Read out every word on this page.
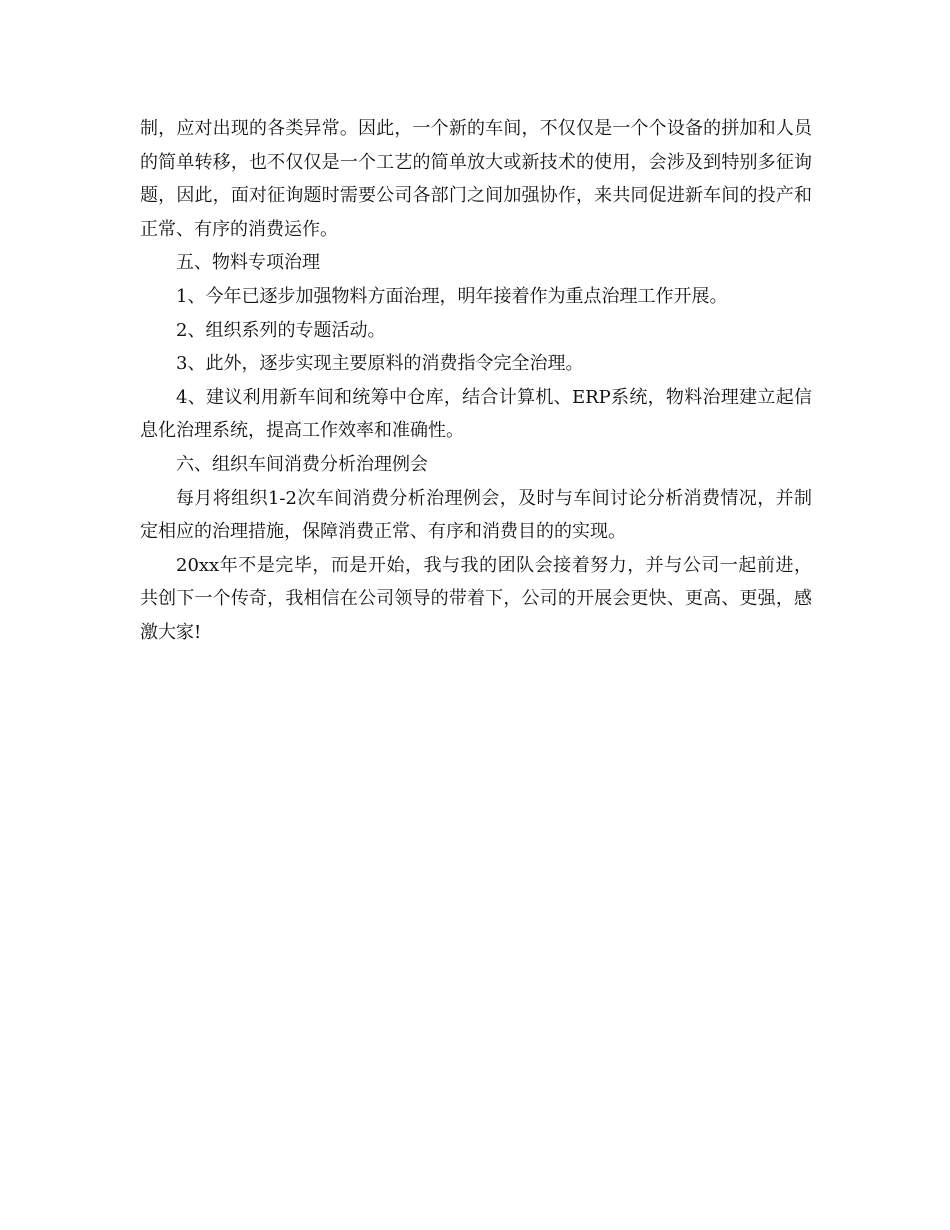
制，应对出现的各类异常。因此，一个新的车间，不仅仅是一个个设备的拼加和人员的简单转移，也不仅仅是一个工艺的简单放大或新技术的使用，会涉及到特别多征询题，因此，面对征询题时需要公司各部门之间加强协作，来共同促进新车间的投产和正常、有序的消费运作。

五、物料专项治理

1、今年已逐步加强物料方面治理，明年接着作为重点治理工作开展。

2、组织系列的专题活动。

3、此外，逐步实现主要原料的消费指令完全治理。

4、建议利用新车间和统筹中仓库，结合计算机、ERP系统，物料治理建立起信息化治理系统，提高工作效率和准确性。

六、组织车间消费分析治理例会

每月将组织1-2次车间消费分析治理例会，及时与车间讨论分析消费情况，并制定相应的治理措施，保障消费正常、有序和消费目的的实现。

20xx年不是完毕，而是开始，我与我的团队会接着努力，并与公司一起前进，共创下一个传奇，我相信在公司领导的带着下，公司的开展会更快、更高、更强，感激大家!
